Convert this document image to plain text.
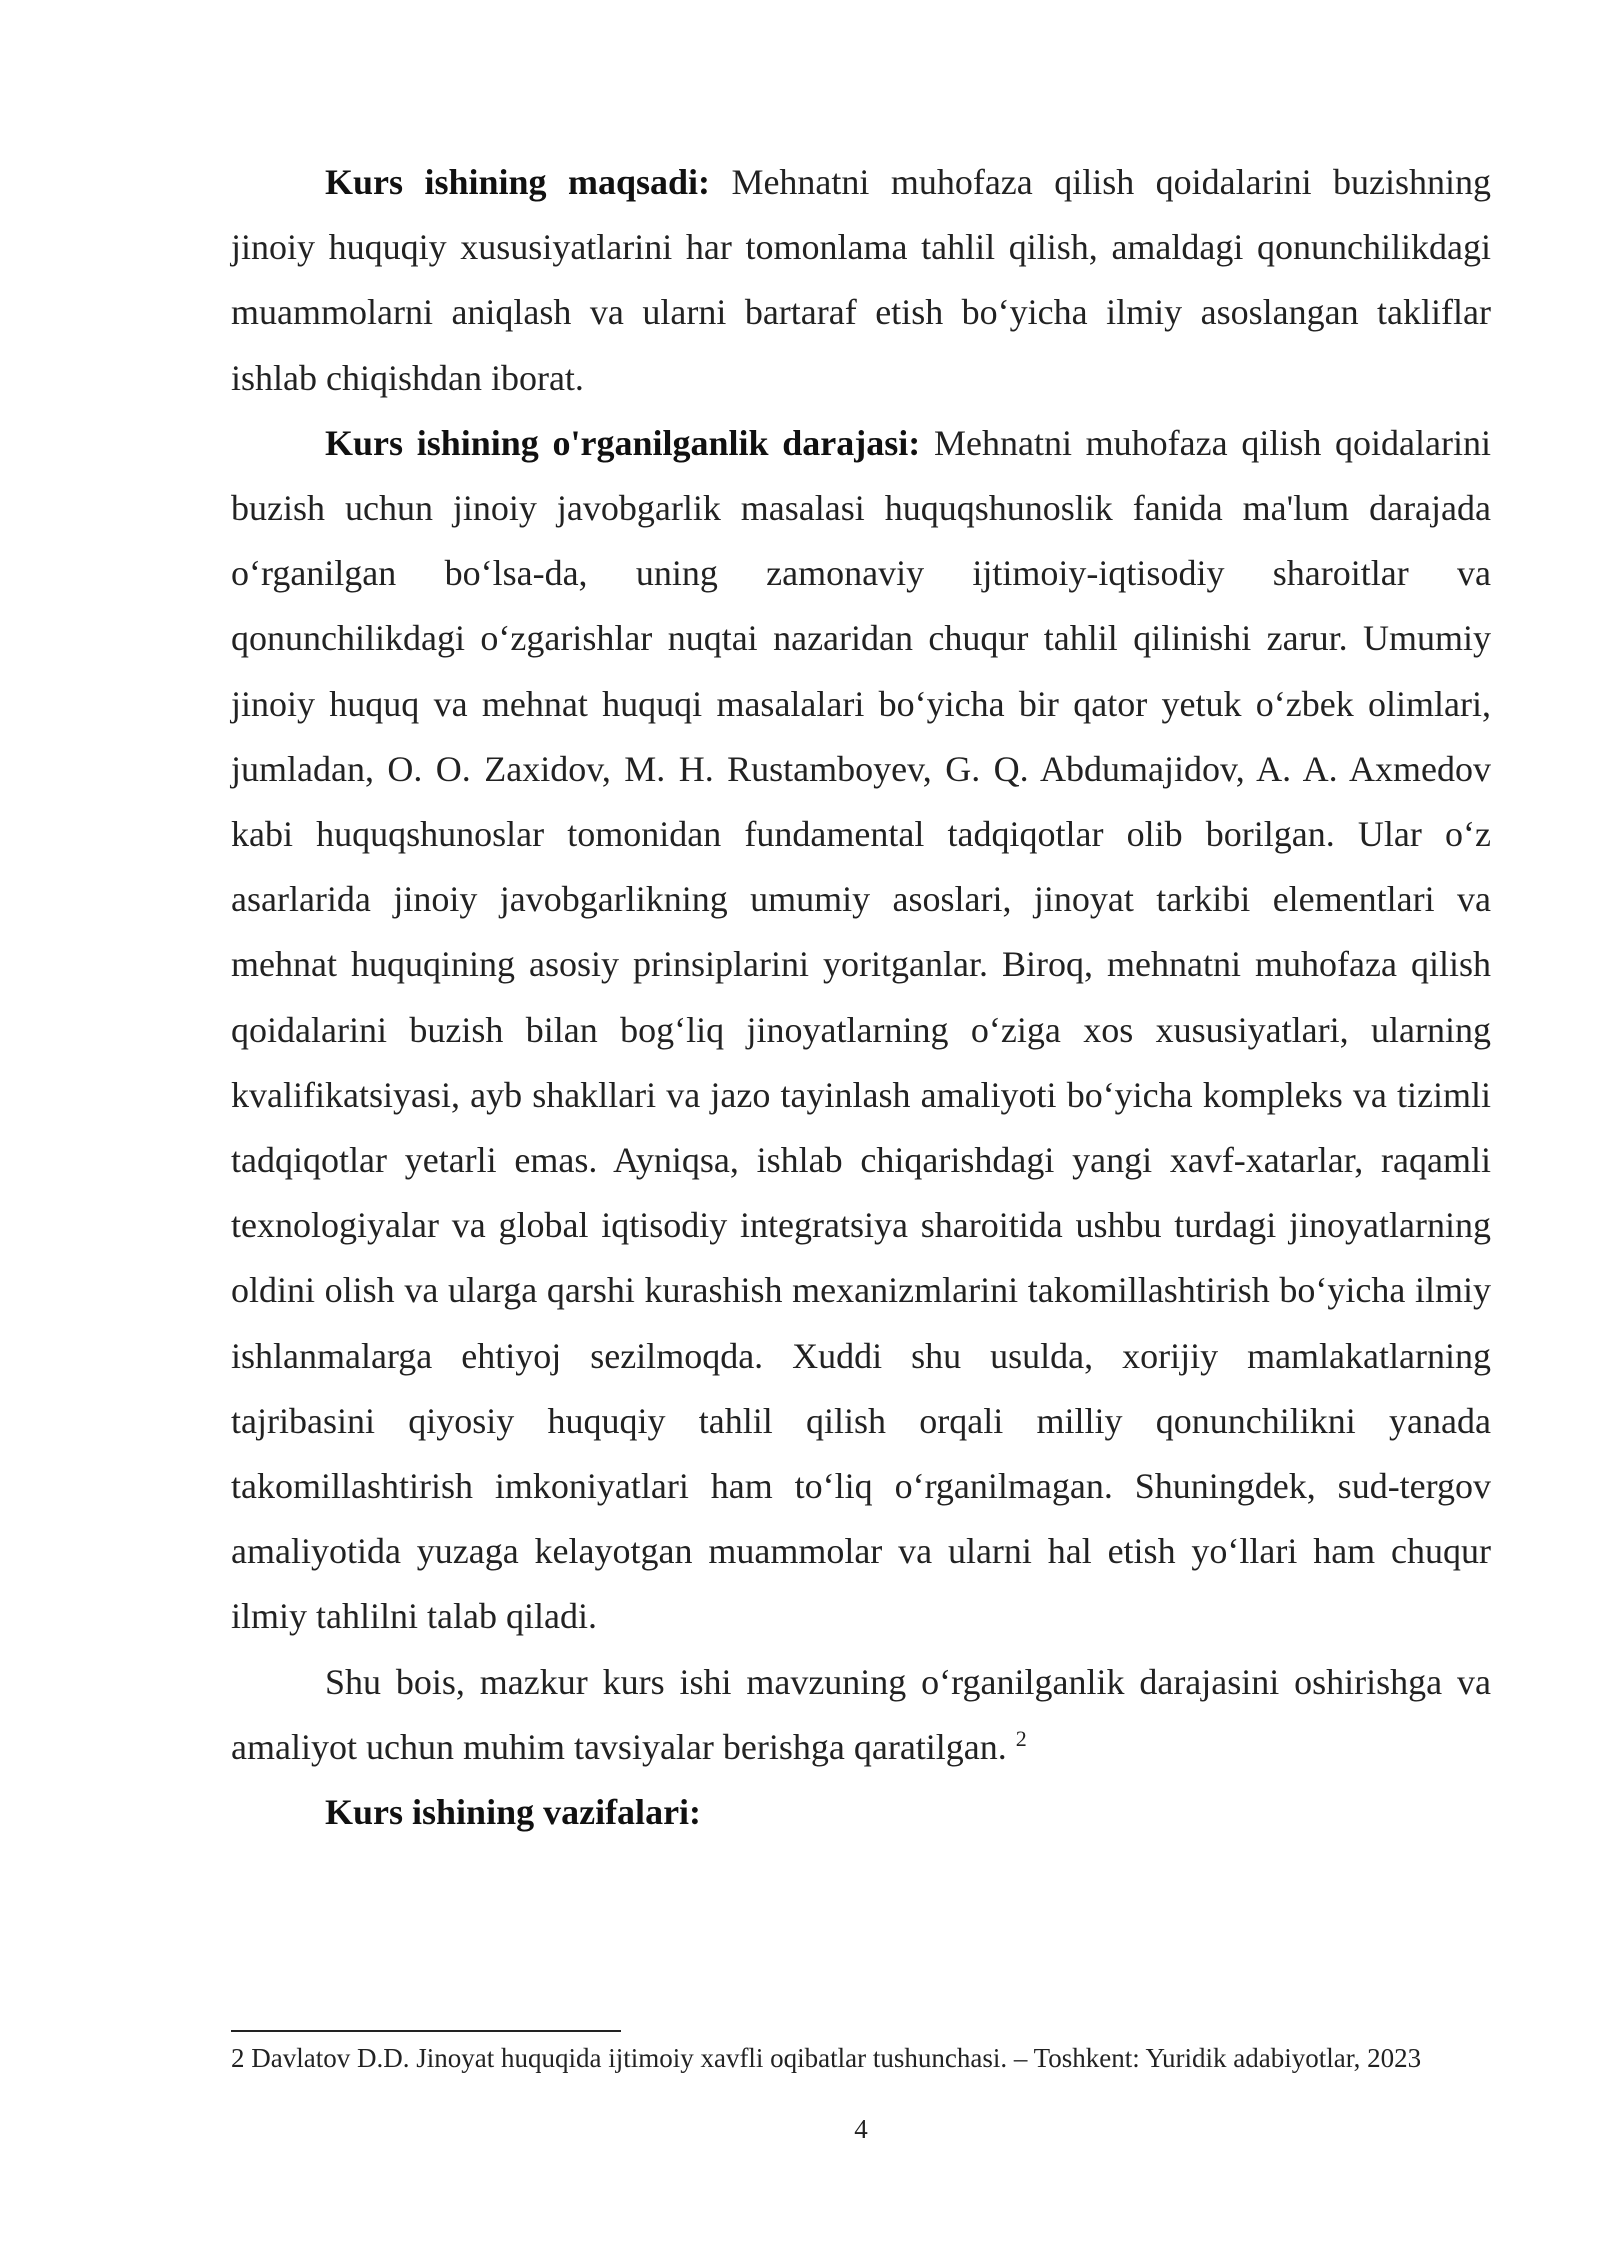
Kurs ishining maqsadi: Mehnatni muhofaza qilish qoidalarini buzishning jinoiy huquqiy xususiyatlarini har tomonlama tahlil qilish, amaldagi qonunchilikdagi muammolarni aniqlash va ularni bartaraf etish bo‘yicha ilmiy asoslangan takliflar ishlab chiqishdan iborat.

Kurs ishining o'rganilganlik darajasi: Mehnatni muhofaza qilish qoidalarini buzish uchun jinoiy javobgarlik masalasi huquqshunoslik fanida ma'lum darajada o‘rganilgan bo‘lsa-da, uning zamonaviy ijtimoiy-iqtisodiy sharoitlar va qonunchilikdagi o‘zgarishlar nuqtai nazaridan chuqur tahlil qilinishi zarur. Umumiy jinoiy huquq va mehnat huquqi masalalari bo‘yicha bir qator yetuk o‘zbek olimlari, jumladan, O. O. Zaxidov, M. H. Rustamboyev, G. Q. Abdumajidov, A. A. Axmedov kabi huquqshunoslar tomonidan fundamental tadqiqotlar olib borilgan. Ular o‘z asarlarida jinoiy javobgarlikning umumiy asoslari, jinoyat tarkibi elementlari va mehnat huquqining asosiy prinsiplarini yoritganlar. Biroq, mehnatni muhofaza qilish qoidalarini buzish bilan bog‘liq jinoyatlarning o‘ziga xos xususiyatlari, ularning kvalifikatsiyasi, ayb shakllari va jazo tayinlash amaliyoti bo‘yicha kompleks va tizimli tadqiqotlar yetarli emas. Ayniqsa, ishlab chiqarishdagi yangi xavf-xatarlar, raqamli texnologiyalar va global iqtisodiy integratsiya sharoitida ushbu turdagi jinoyatlarning oldini olish va ularga qarshi kurashish mexanizmlarini takomillashtirish bo‘yicha ilmiy ishlanmalarga ehtiyoj sezilmoqda. Xuddi shu usulda, xorijiy mamlakatlarning tajribasini qiyosiy huquqiy tahlil qilish orqali milliy qonunchilikni yanada takomillashtirish imkoniyatlari ham to‘liq o‘rganilmagan. Shuningdek, sud-tergov amaliyotida yuzaga kelayotgan muammolar va ularni hal etish yo‘llari ham chuqur ilmiy tahlilni talab qiladi.

Shu bois, mazkur kurs ishi mavzuning o‘rganilganlik darajasini oshirishga va amaliyot uchun muhim tavsiyalar berishga qaratilgan. $^2$

Kurs ishining vazifalari:

2 Davlatov D.D. Jinoyat huquqida ijtimoiy xavfli oqibatlar tushunchasi. – Toshkent: Yuridik adabiyotlar, 2023
4
